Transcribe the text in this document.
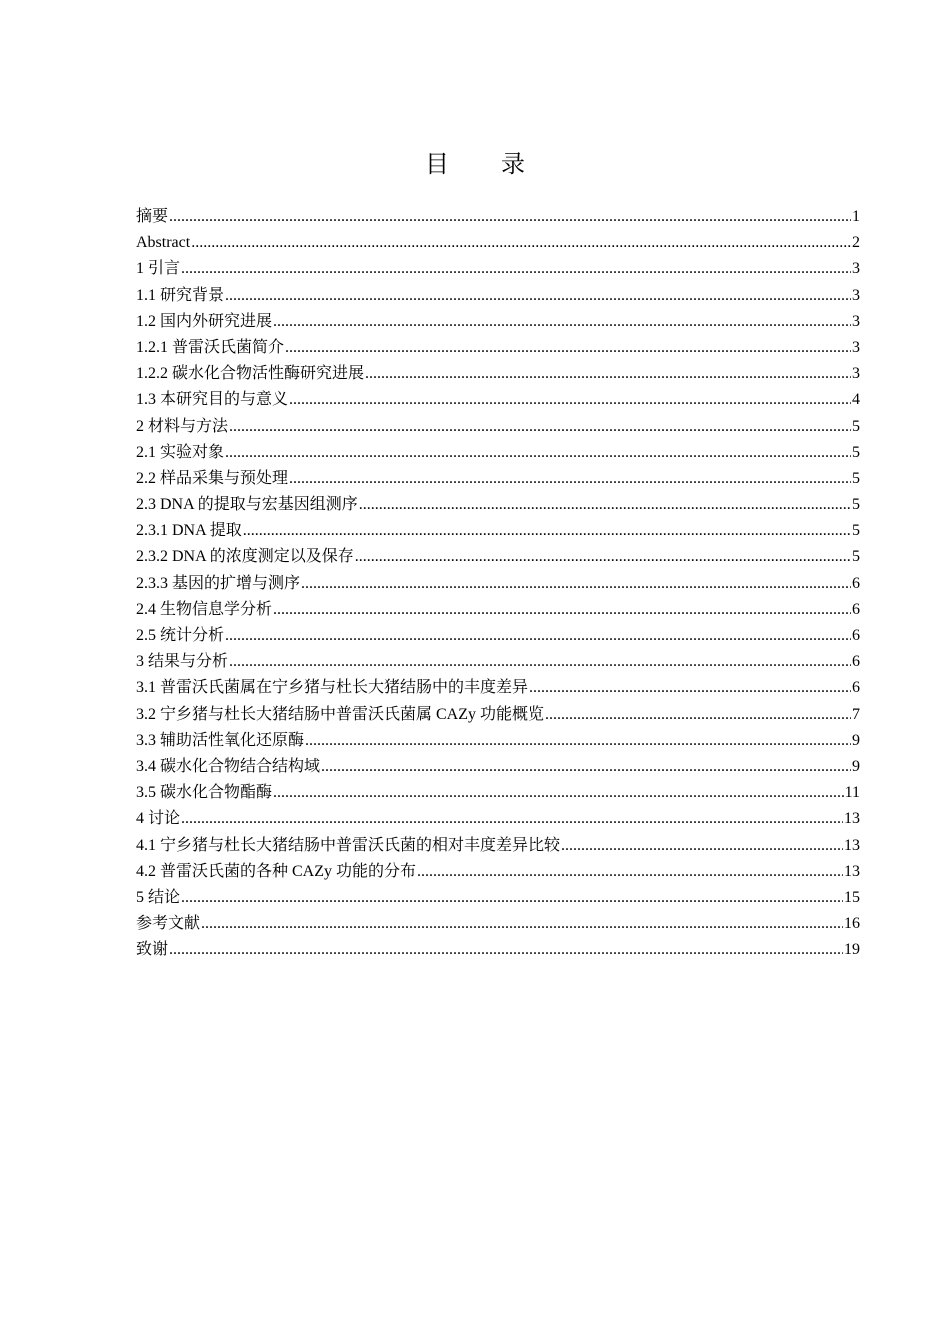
目 录
摘要 .....	1
Abstract .....	2
1 引言 .....	3
1.1 研究背景 .....	3
1.2 国内外研究进展 .....	3
1.2.1 普雷沃氏菌简介 .....	3
1.2.2 碳水化合物活性酶研究进展 .....	3
1.3 本研究目的与意义 .....	4
2 材料与方法 .....	5
2.1 实验对象 .....	5
2.2 样品采集与预处理 .....	5
2.3 DNA 的提取与宏基因组测序 .....	5
2.3.1 DNA 提取 .....	5
2.3.2 DNA 的浓度测定以及保存 .....	5
2.3.3 基因的扩增与测序 .....	6
2.4 生物信息学分析 .....	6
2.5 统计分析 .....	6
3 结果与分析 .....	6
3.1 普雷沃氏菌属在宁乡猪与杜长大猪结肠中的丰度差异 .....	6
3.2 宁乡猪与杜长大猪结肠中普雷沃氏菌属 CAZy 功能概览 .....	7
3.3 辅助活性氧化还原酶 .....	9
3.4 碳水化合物结合结构域 .....	9
3.5 碳水化合物酯酶 .....	11
4 讨论 .....	13
4.1 宁乡猪与杜长大猪结肠中普雷沃氏菌的相对丰度差异比较 .....	13
4.2 普雷沃氏菌的各种 CAZy 功能的分布 .....	13
5 结论 .....	15
参考文献 .....	16
致谢 .....	19
